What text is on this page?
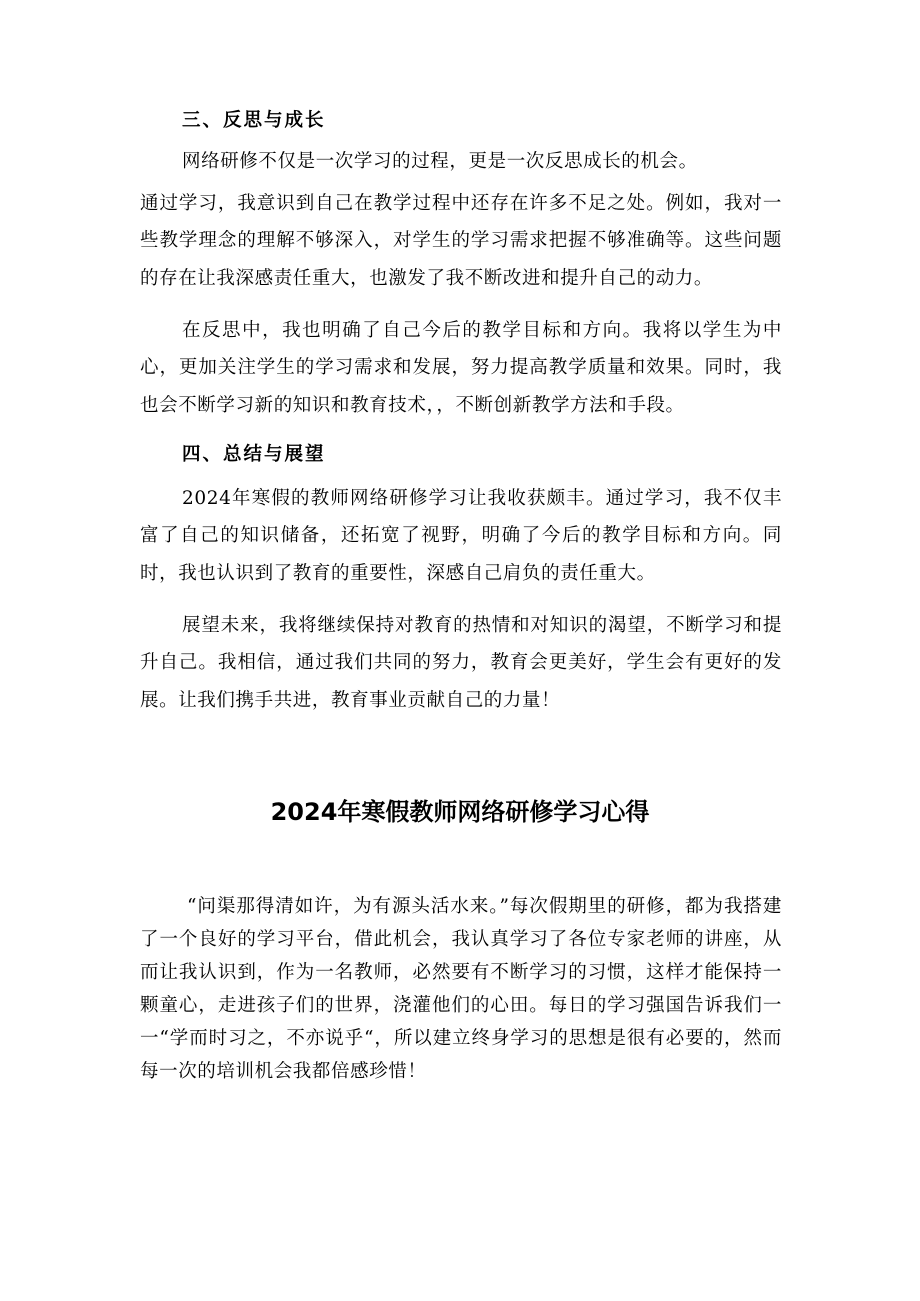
三、反思与成长

网络研修不仅是一次学习的过程，更是一次反思成长的机会。

通过学习，我意识到自己在教学过程中还存在许多不足之处。例如，我对一些教学理念的理解不够深入，对学生的学习需求把握不够准确等。这些问题的存在让我深感责任重大，也激发了我不断改进和提升自己的动力。

在反思中，我也明确了自己今后的教学目标和方向。我将以学生为中心，更加关注学生的学习需求和发展，努力提高教学质量和效果。同时，我也会不断学习新的知识和教育技术，，不断创新教学方法和手段。

四、总结与展望

2024年寒假的教师网络研修学习让我收获颇丰。通过学习，我不仅丰富了自己的知识储备，还拓宽了视野，明确了今后的教学目标和方向。同时，我也认识到了教育的重要性，深感自己肩负的责任重大。

展望未来，我将继续保持对教育的热情和对知识的渴望，不断学习和提升自己。我相信，通过我们共同的努力，教育会更美好，学生会有更好的发展。让我们携手共进，教育事业贡献自己的力量！

2024年寒假教师网络研修学习心得

“问渠那得清如许，为有源头活水来。”每次假期里的研修，都为我搭建了一个良好的学习平台，借此机会，我认真学习了各位专家老师的讲座，从而让我认识到，作为一名教师，必然要有不断学习的习惯，这样才能保持一颗童心，走进孩子们的世界，浇灌他们的心田。每日的学习强国告诉我们一一“学而时习之，不亦说乎“，所以建立终身学习的思想是很有必要的，然而每一次的培训机会我都倍感珍惜！
